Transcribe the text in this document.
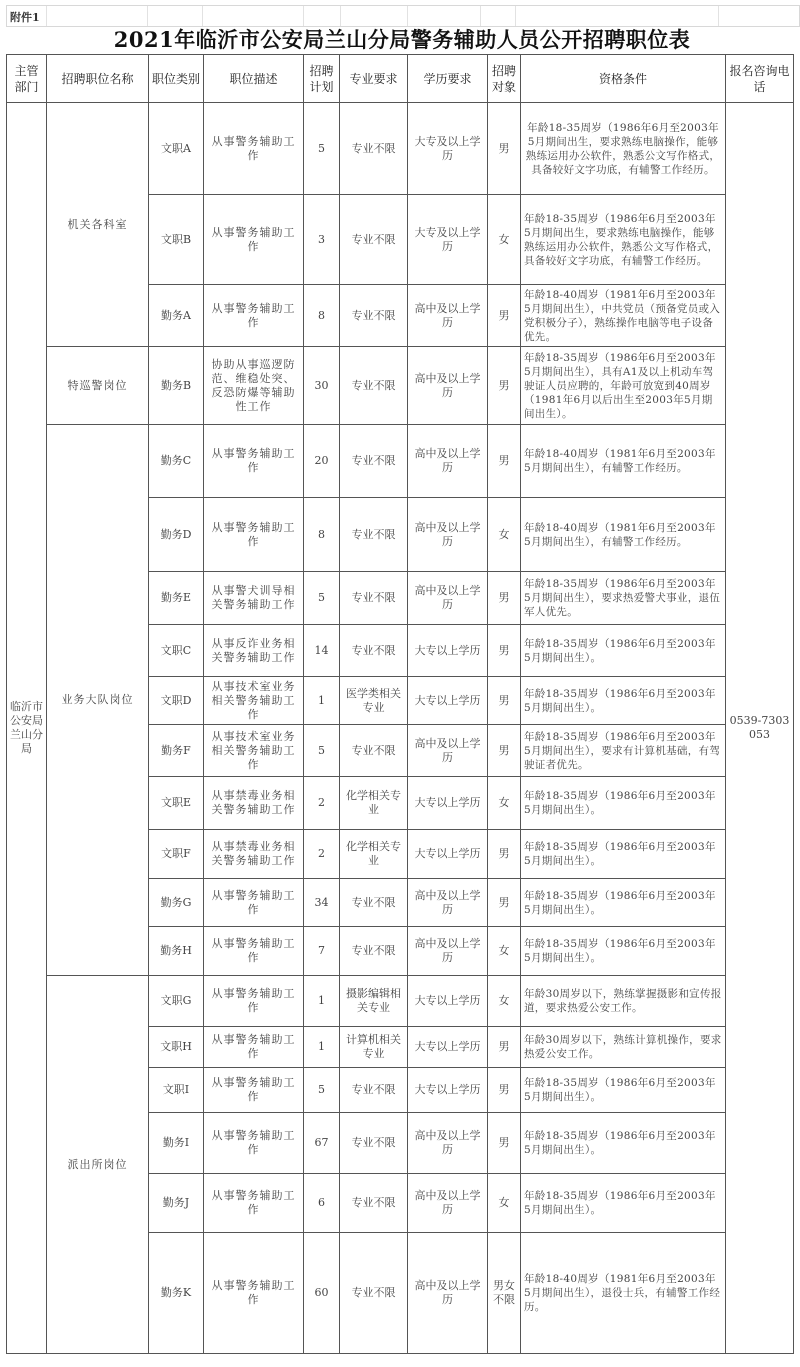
附件1
2021年临沂市公安局兰山分局警务辅助人员公开招聘职位表
主管部门	招聘职位名称	职位类别	职位描述	招聘计划	专业要求	学历要求	招聘对象	资格条件	报名咨询电话
临沂市公安局兰山分局	机关各科室	文职A	从事警务辅助工作	5	专业不限	大专及以上学历	男	年龄18-35周岁（1986年6月至2003年5月期间出生，要求熟练电脑操作，能够熟练运用办公软件，熟悉公文写作格式，具备较好文字功底，有辅警工作经历。	0539-7303053
		文职B	从事警务辅助工作	3	专业不限	大专及以上学历	女	年龄18-35周岁（1986年6月至2003年5月期间出生，要求熟练电脑操作，能够熟练运用办公软件，熟悉公文写作格式，具备较好文字功底，有辅警工作经历。	
		勤务A	从事警务辅助工作	8	专业不限	高中及以上学历	男	年龄18-40周岁（1981年6月至2003年5月期间出生），中共党员（预备党员或入党积极分子），熟练操作电脑等电子设备优先。	
	特巡警岗位	勤务B	协助从事巡逻防范、维稳处突、反恐防爆等辅助性工作	30	专业不限	高中及以上学历	男	年龄18-35周岁（1986年6月至2003年5月期间出生），具有A1及以上机动车驾驶证人员应聘的，年龄可放宽到40周岁（1981年6月以后出生至2003年5月期间出生）。	
	业务大队岗位	勤务C	从事警务辅助工作	20	专业不限	高中及以上学历	男	年龄18-40周岁（1981年6月至2003年5月期间出生），有辅警工作经历。	
		勤务D	从事警务辅助工作	8	专业不限	高中及以上学历	女	年龄18-40周岁（1981年6月至2003年5月期间出生），有辅警工作经历。	
		勤务E	从事警犬训导相关警务辅助工作	5	专业不限	高中及以上学历	男	年龄18-35周岁（1986年6月至2003年5月期间出生），要求热爱警犬事业，退伍军人优先。	
		文职C	从事反诈业务相关警务辅助工作	14	专业不限	大专以上学历	男	年龄18-35周岁（1986年6月至2003年5月期间出生）。	
		文职D	从事技术室业务相关警务辅助工作	1	医学类相关专业	大专以上学历	男	年龄18-35周岁（1986年6月至2003年5月期间出生）。	
		勤务F	从事技术室业务相关警务辅助工作	5	专业不限	高中及以上学历	男	年龄18-35周岁（1986年6月至2003年5月期间出生），要求有计算机基础，有驾驶证者优先。	
		文职E	从事禁毒业务相关警务辅助工作	2	化学相关专业	大专以上学历	女	年龄18-35周岁（1986年6月至2003年5月期间出生）。	
		文职F	从事禁毒业务相关警务辅助工作	2	化学相关专业	大专以上学历	男	年龄18-35周岁（1986年6月至2003年5月期间出生）。	
		勤务G	从事警务辅助工作	34	专业不限	高中及以上学历	男	年龄18-35周岁（1986年6月至2003年5月期间出生）。	
		勤务H	从事警务辅助工作	7	专业不限	高中及以上学历	女	年龄18-35周岁（1986年6月至2003年5月期间出生）。	
	派出所岗位	文职G	从事警务辅助工作	1	摄影编辑相关专业	大专以上学历	女	年龄30周岁以下，熟练掌握摄影和宣传报道，要求热爱公安工作。	
		文职H	从事警务辅助工作	1	计算机相关专业	大专以上学历	男	年龄30周岁以下，熟练计算机操作，要求热爱公安工作。	
		文职I	从事警务辅助工作	5	专业不限	大专以上学历	男	年龄18-35周岁（1986年6月至2003年5月期间出生）。	
		勤务I	从事警务辅助工作	67	专业不限	高中及以上学历	男	年龄18-35周岁（1986年6月至2003年5月期间出生）。	
		勤务J	从事警务辅助工作	6	专业不限	高中及以上学历	女	年龄18-35周岁（1986年6月至2003年5月期间出生）。	
		勤务K	从事警务辅助工作	60	专业不限	高中及以上学历	男女不限	年龄18-40周岁（1981年6月至2003年5月期间出生），退役士兵，有辅警工作经历。	
